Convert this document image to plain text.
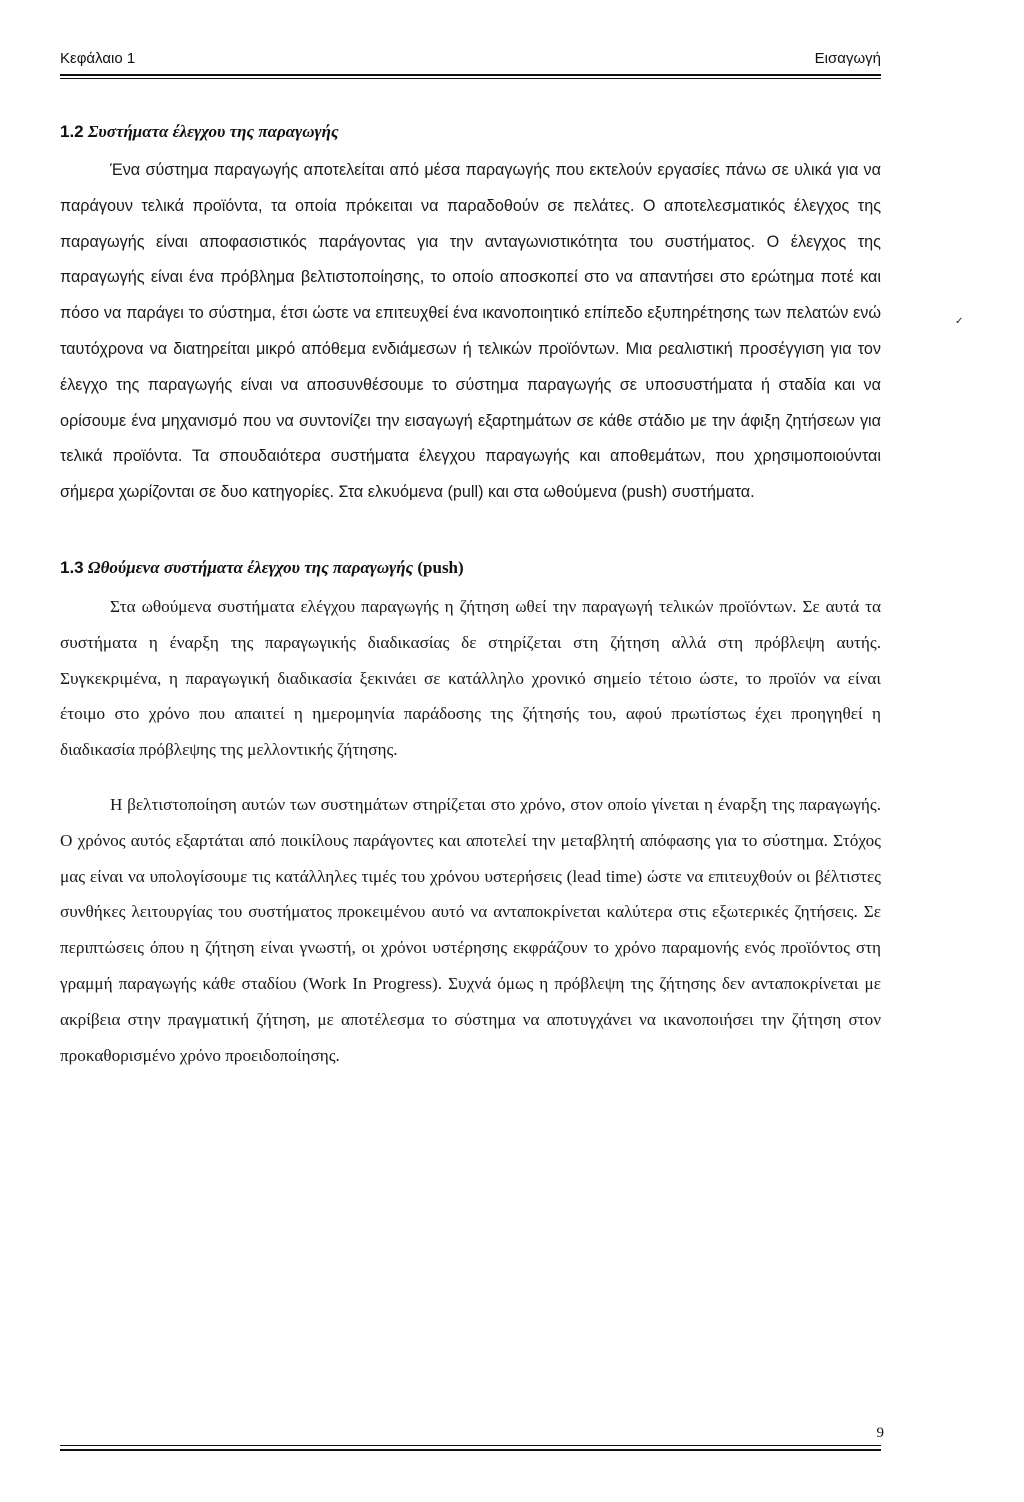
Κεφάλαιο 1	Εισαγωγή
1.2 Συστήματα έλεγχου της παραγωγής

Ένα σύστημα παραγωγής αποτελείται από μέσα παραγωγής που εκτελούν εργασίες πάνω σε υλικά για να παράγουν τελικά προϊόντα, τα οποία πρόκειται να παραδοθούν σε πελάτες. Ο αποτελεσματικός έλεγχος της παραγωγής είναι αποφασιστικός παράγοντας για την ανταγωνιστικότητα του συστήματος. Ο έλεγχος της παραγωγής είναι ένα πρόβλημα βελτιστοποίησης, το οποίο αποσκοπεί στο να απαντήσει στο ερώτημα ποτέ και πόσο να παράγει το σύστημα, έτσι ώστε να επιτευχθεί ένα ικανοποιητικό επίπεδο εξυπηρέτησης των πελατών ενώ ταυτόχρονα να διατηρείται μικρό απόθεμα ενδιάμεσων ή τελικών προϊόντων. Μια ρεαλιστική προσέγγιση για τον έλεγχο της παραγωγής είναι να αποσυνθέσουμε το σύστημα παραγωγής σε υποσυστήματα ή σταδία και να ορίσουμε ένα μηχανισμό που να συντονίζει την εισαγωγή εξαρτημάτων σε κάθε στάδιο με την άφιξη ζητήσεων για τελικά προϊόντα. Τα σπουδαιότερα συστήματα έλεγχου παραγωγής και αποθεμάτων, που χρησιμοποιούνται σήμερα χωρίζονται σε δυο κατηγορίες. Στα ελκυόμενα (pull) και στα ωθούμενα (push) συστήματα.

1.3 Ωθούμενα συστήματα έλεγχου της παραγωγής (push)

Στα ωθούμενα συστήματα ελέγχου παραγωγής η ζήτηση ωθεί την παραγωγή τελικών προϊόντων. Σε αυτά τα συστήματα η έναρξη της παραγωγικής διαδικασίας δε στηρίζεται στη ζήτηση αλλά στη πρόβλεψη αυτής. Συγκεκριμένα, η παραγωγική διαδικασία ξεκινάει σε κατάλληλο χρονικό σημείο τέτοιο ώστε, το προϊόν να είναι έτοιμο στο χρόνο που απαιτεί η ημερομηνία παράδοσης της ζήτησής του, αφού πρωτίστως έχει προηγηθεί η διαδικασία πρόβλεψης της μελλοντικής ζήτησης.

Η βελτιστοποίηση αυτών των συστημάτων στηρίζεται στο χρόνο, στον οποίο γίνεται η έναρξη της παραγωγής. Ο χρόνος αυτός εξαρτάται από ποικίλους παράγοντες και αποτελεί την μεταβλητή απόφασης για το σύστημα. Στόχος μας είναι να υπολογίσουμε τις κατάλληλες τιμές του χρόνου υστερήσεις (lead time) ώστε να επιτευχθούν οι βέλτιστες συνθήκες λειτουργίας του συστήματος προκειμένου αυτό να ανταποκρίνεται καλύτερα στις εξωτερικές ζητήσεις. Σε περιπτώσεις όπου η ζήτηση είναι γνωστή, οι χρόνοι υστέρησης εκφράζουν το χρόνο παραμονής ενός προϊόντος στη γραμμή παραγωγής κάθε σταδίου (Work In Progress). Συχνά όμως η πρόβλεψη της ζήτησης δεν ανταποκρίνεται με ακρίβεια στην πραγματική ζήτηση, με αποτέλεσμα το σύστημα να αποτυγχάνει να ικανοποιήσει την ζήτηση στον προκαθορισμένο χρόνο προειδοποίησης.

✓
9
